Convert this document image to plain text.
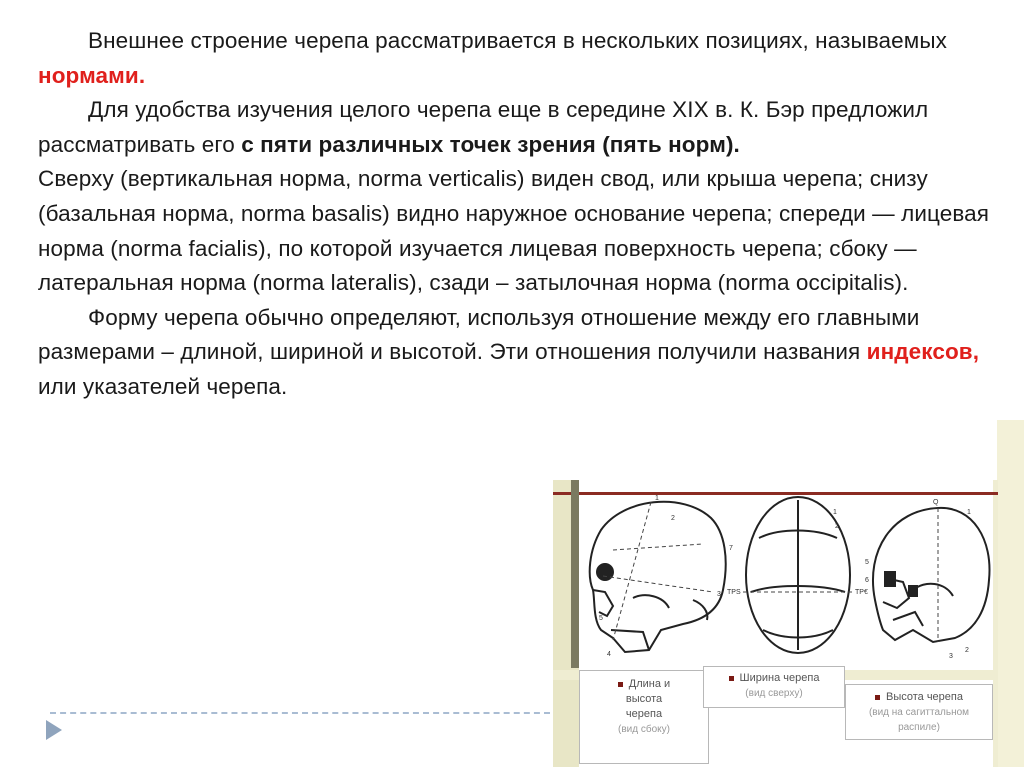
Внешнее строение черепа рассматривается в нескольких позициях, называемых нормами.

Для удобства изучения целого черепа еще в середине XIX в. К. Бэр предложил рассматривать его с пяти различных точек зрения (пять норм).

Сверху (вертикальная норма, norma verticalis) виден свод, или крыша черепа; снизу (базальная норма, norma basalis) видно наружное основание черепа; спереди — лицевая норма (norma facialis), по которой изучается лицевая поверхность черепа; сбоку — латеральная норма (norma lateralis), сзади – затылочная норма (norma occipitalis).

Форму черепа обычно определяют, используя отношение между его главными размерами – длиной, шириной и высотой. Эти отношения получили названия индексов, или указателей черепа.

1
2
3
4
5
1
2
7
TPS	TP€
Q
1
2
3
5
6
Длина и
высота
черепа
(вид сбоку)
Ширина черепа
(вид сверху)	Высота черепа
(вид на сагиттальном
распиле)
